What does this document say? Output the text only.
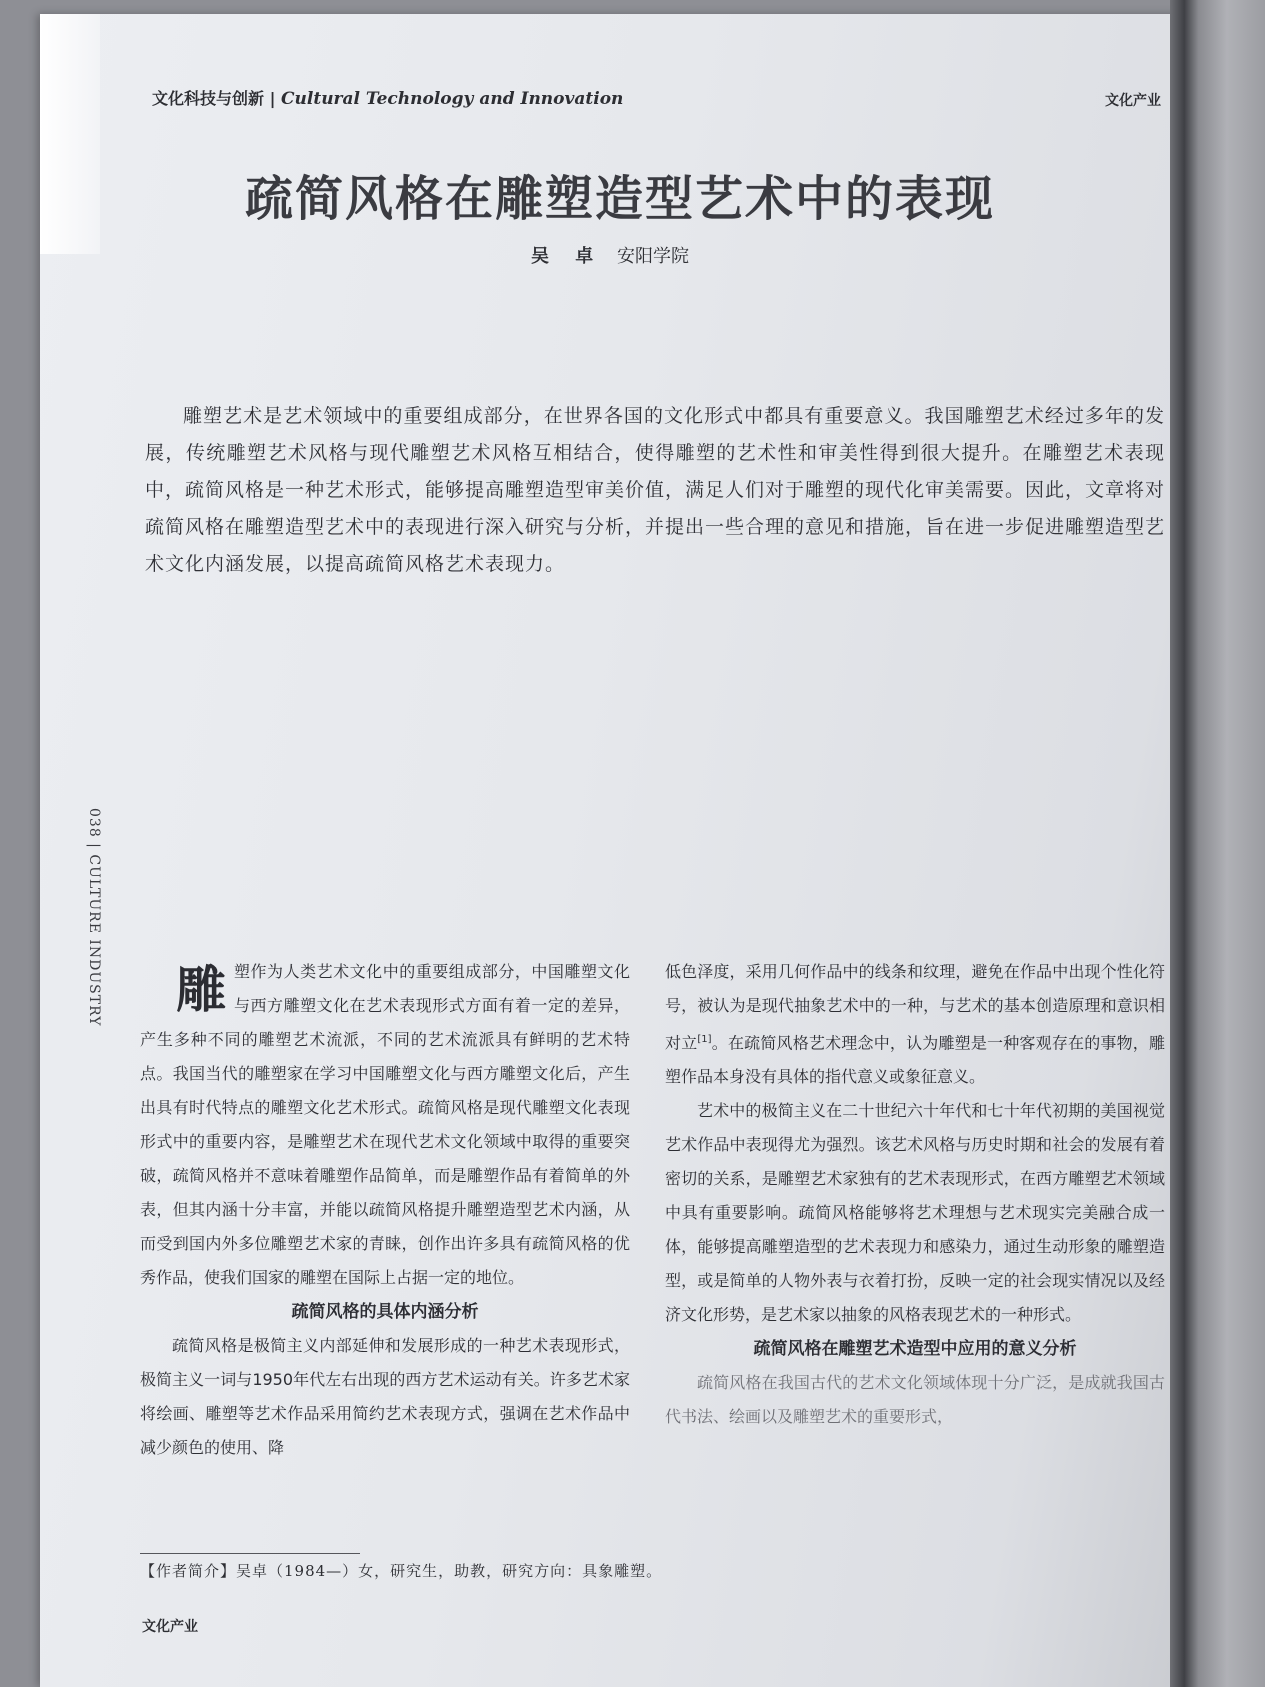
文化科技与创新 | Cultural Technology and Innovation	文化产业
疏简风格在雕塑造型艺术中的表现
吴 卓 安阳学院
雕塑艺术是艺术领域中的重要组成部分，在世界各国的文化形式中都具有重要意义。我国雕塑艺术经过多年的发展，传统雕塑艺术风格与现代雕塑艺术风格互相结合，使得雕塑的艺术性和审美性得到很大提升。在雕塑艺术表现中，疏简风格是一种艺术形式，能够提高雕塑造型审美价值，满足人们对于雕塑的现代化审美需要。因此，文章将对疏简风格在雕塑造型艺术中的表现进行深入研究与分析，并提出一些合理的意见和措施，旨在进一步促进雕塑造型艺术文化内涵发展，以提高疏简风格艺术表现力。
038 | CULTURE INDUSTRY 雕塑作为人类艺术文化中的重要组成部分，中国雕塑文化与西方雕塑文化在艺术表现形式方面有着一定的差异，产生多种不同的雕塑艺术流派，不同的艺术流派具有鲜明的艺术特点。我国当代的雕塑家在学习中国雕塑文化与西方雕塑文化后，产生出具有时代特点的雕塑文化艺术形式。疏简风格是现代雕塑文化表现形式中的重要内容，是雕塑艺术在现代艺术文化领域中取得的重要突破，疏简风格并不意味着雕塑作品简单，而是雕塑作品有着简单的外表，但其内涵十分丰富，并能以疏简风格提升雕塑造型艺术内涵，从而受到国内外多位雕塑艺术家的青睐，创作出许多具有疏简风格的优秀作品，使我们国家的雕塑在国际上占据一定的地位。

疏简风格的具体内涵分析

疏简风格是极简主义内部延伸和发展形成的一种艺术表现形式，极简主义一词与1950年代左右出现的西方艺术运动有关。许多艺术家将绘画、雕塑等艺术作品采用简约艺术表现方式，强调在艺术作品中减少颜色的使用、降

低色泽度，采用几何作品中的线条和纹理，避免在作品中出现个性化符号，被认为是现代抽象艺术中的一种，与艺术的基本创造原理和意识相对立[1]。在疏简风格艺术理念中，认为雕塑是一种客观存在的事物，雕塑作品本身没有具体的指代意义或象征意义。

艺术中的极简主义在二十世纪六十年代和七十年代初期的美国视觉艺术作品中表现得尤为强烈。该艺术风格与历史时期和社会的发展有着密切的关系，是雕塑艺术家独有的艺术表现形式，在西方雕塑艺术领域中具有重要影响。疏简风格能够将艺术理想与艺术现实完美融合成一体，能够提高雕塑造型的艺术表现力和感染力，通过生动形象的雕塑造型，或是简单的人物外表与衣着打扮，反映一定的社会现实情况以及经济文化形势，是艺术家以抽象的风格表现艺术的一种形式。

疏简风格在雕塑艺术造型中应用的意义分析

疏简风格在我国古代的艺术文化领域体现十分广泛，是成就我国古代书法、绘画以及雕塑艺术的重要形式，

【作者简介】吴卓（1984—）女，研究生，助教，研究方向：具象雕塑。
文化产业
